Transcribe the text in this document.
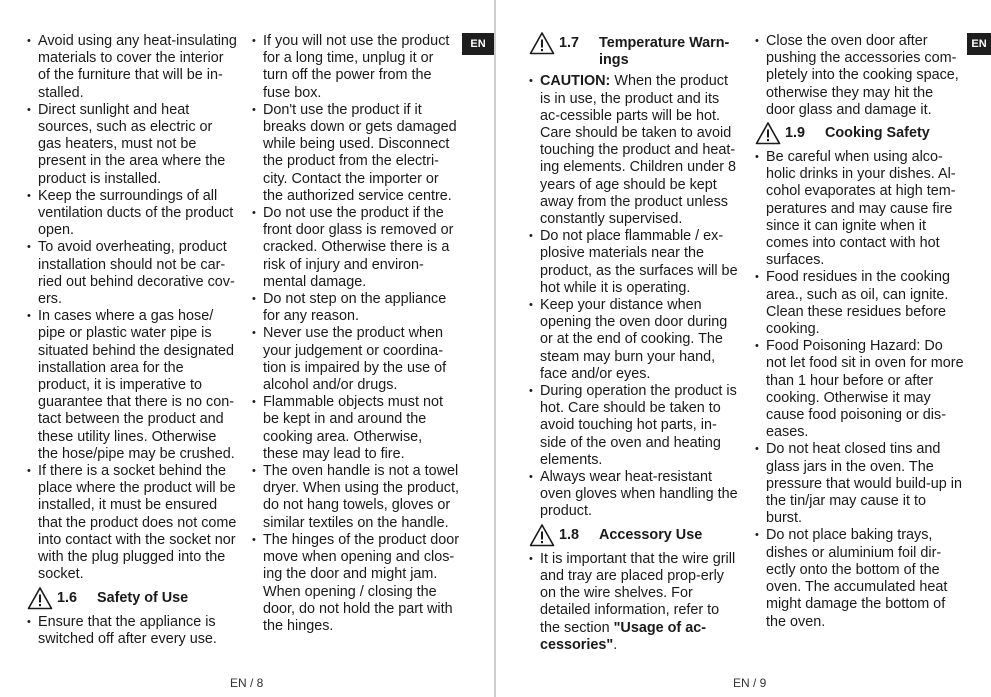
• Avoid using any heat-insulating materials to cover the interior of the furniture that will be in-stalled.
• Direct sunlight and heat sources, such as electric or gas heaters, must not be present in the area where the product is installed.
• Keep the surroundings of all ventilation ducts of the product open.
• To avoid overheating, product installation should not be car-ried out behind decorative cov-ers.
• In cases where a gas hose/ pipe or plastic water pipe is situated behind the designated installation area for the product, it is imperative to guarantee that there is no con-tact between the product and these utility lines. Otherwise the hose/pipe may be crushed.
• If there is a socket behind the place where the product will be installed, it must be ensured that the product does not come into contact with the socket nor with the plug plugged into the socket.
1.6	Safety of Use
• Ensure that the appliance is switched off after every use.
• If you will not use the product for a long time, unplug it or turn off the power from the fuse box.
• Don't use the product if it breaks down or gets damaged while being used. Disconnect the product from the electri-city. Contact the importer or the authorized service centre.
• Do not use the product if the front door glass is removed or cracked. Otherwise there is a risk of injury and environ-mental damage.
• Do not step on the appliance for any reason.
• Never use the product when your judgement or coordina-tion is impaired by the use of alcohol and/or drugs.
• Flammable objects must not be kept in and around the cooking area. Otherwise, these may lead to fire.
• The oven handle is not a towel dryer. When using the product, do not hang towels, gloves or similar textiles on the handle.
• The hinges of the product door move when opening and clos-ing the door and might jam. When opening / closing the door, do not hold the part with the hinges.
EN
EN / 8
1.7	Temperature Warn-ings
• CAUTION: When the product is in use, the product and its ac-cessible parts will be hot. Care should be taken to avoid touching the product and heat-ing elements. Children under 8 years of age should be kept away from the product unless constantly supervised.
• Do not place flammable / ex-plosive materials near the product, as the surfaces will be hot while it is operating.
• Keep your distance when opening the oven door during or at the end of cooking. The steam may burn your hand, face and/or eyes.
• During operation the product is hot. Care should be taken to avoid touching hot parts, in-side of the oven and heating elements.
• Always wear heat-resistant oven gloves when handling the product.
1.8	Accessory Use
• It is important that the wire grill and tray are placed prop-erly on the wire shelves. For detailed information, refer to the section "Usage of ac-cessories".
• Close the oven door after pushing the accessories com-pletely into the cooking space, otherwise they may hit the door glass and damage it.
1.9	Cooking Safety
• Be careful when using alco-holic drinks in your dishes. Al-cohol evaporates at high tem-peratures and may cause fire since it can ignite when it comes into contact with hot surfaces.
• Food residues in the cooking area., such as oil, can ignite. Clean these residues before cooking.
• Food Poisoning Hazard: Do not let food sit in oven for more than 1 hour before or after cooking. Otherwise it may cause food poisoning or dis-eases.
• Do not heat closed tins and glass jars in the oven. The pressure that would build-up in the tin/jar may cause it to burst.
• Do not place baking trays, dishes or aluminium foil dir-ectly onto the bottom of the oven. The accumulated heat might damage the bottom of the oven.
EN
EN / 9
